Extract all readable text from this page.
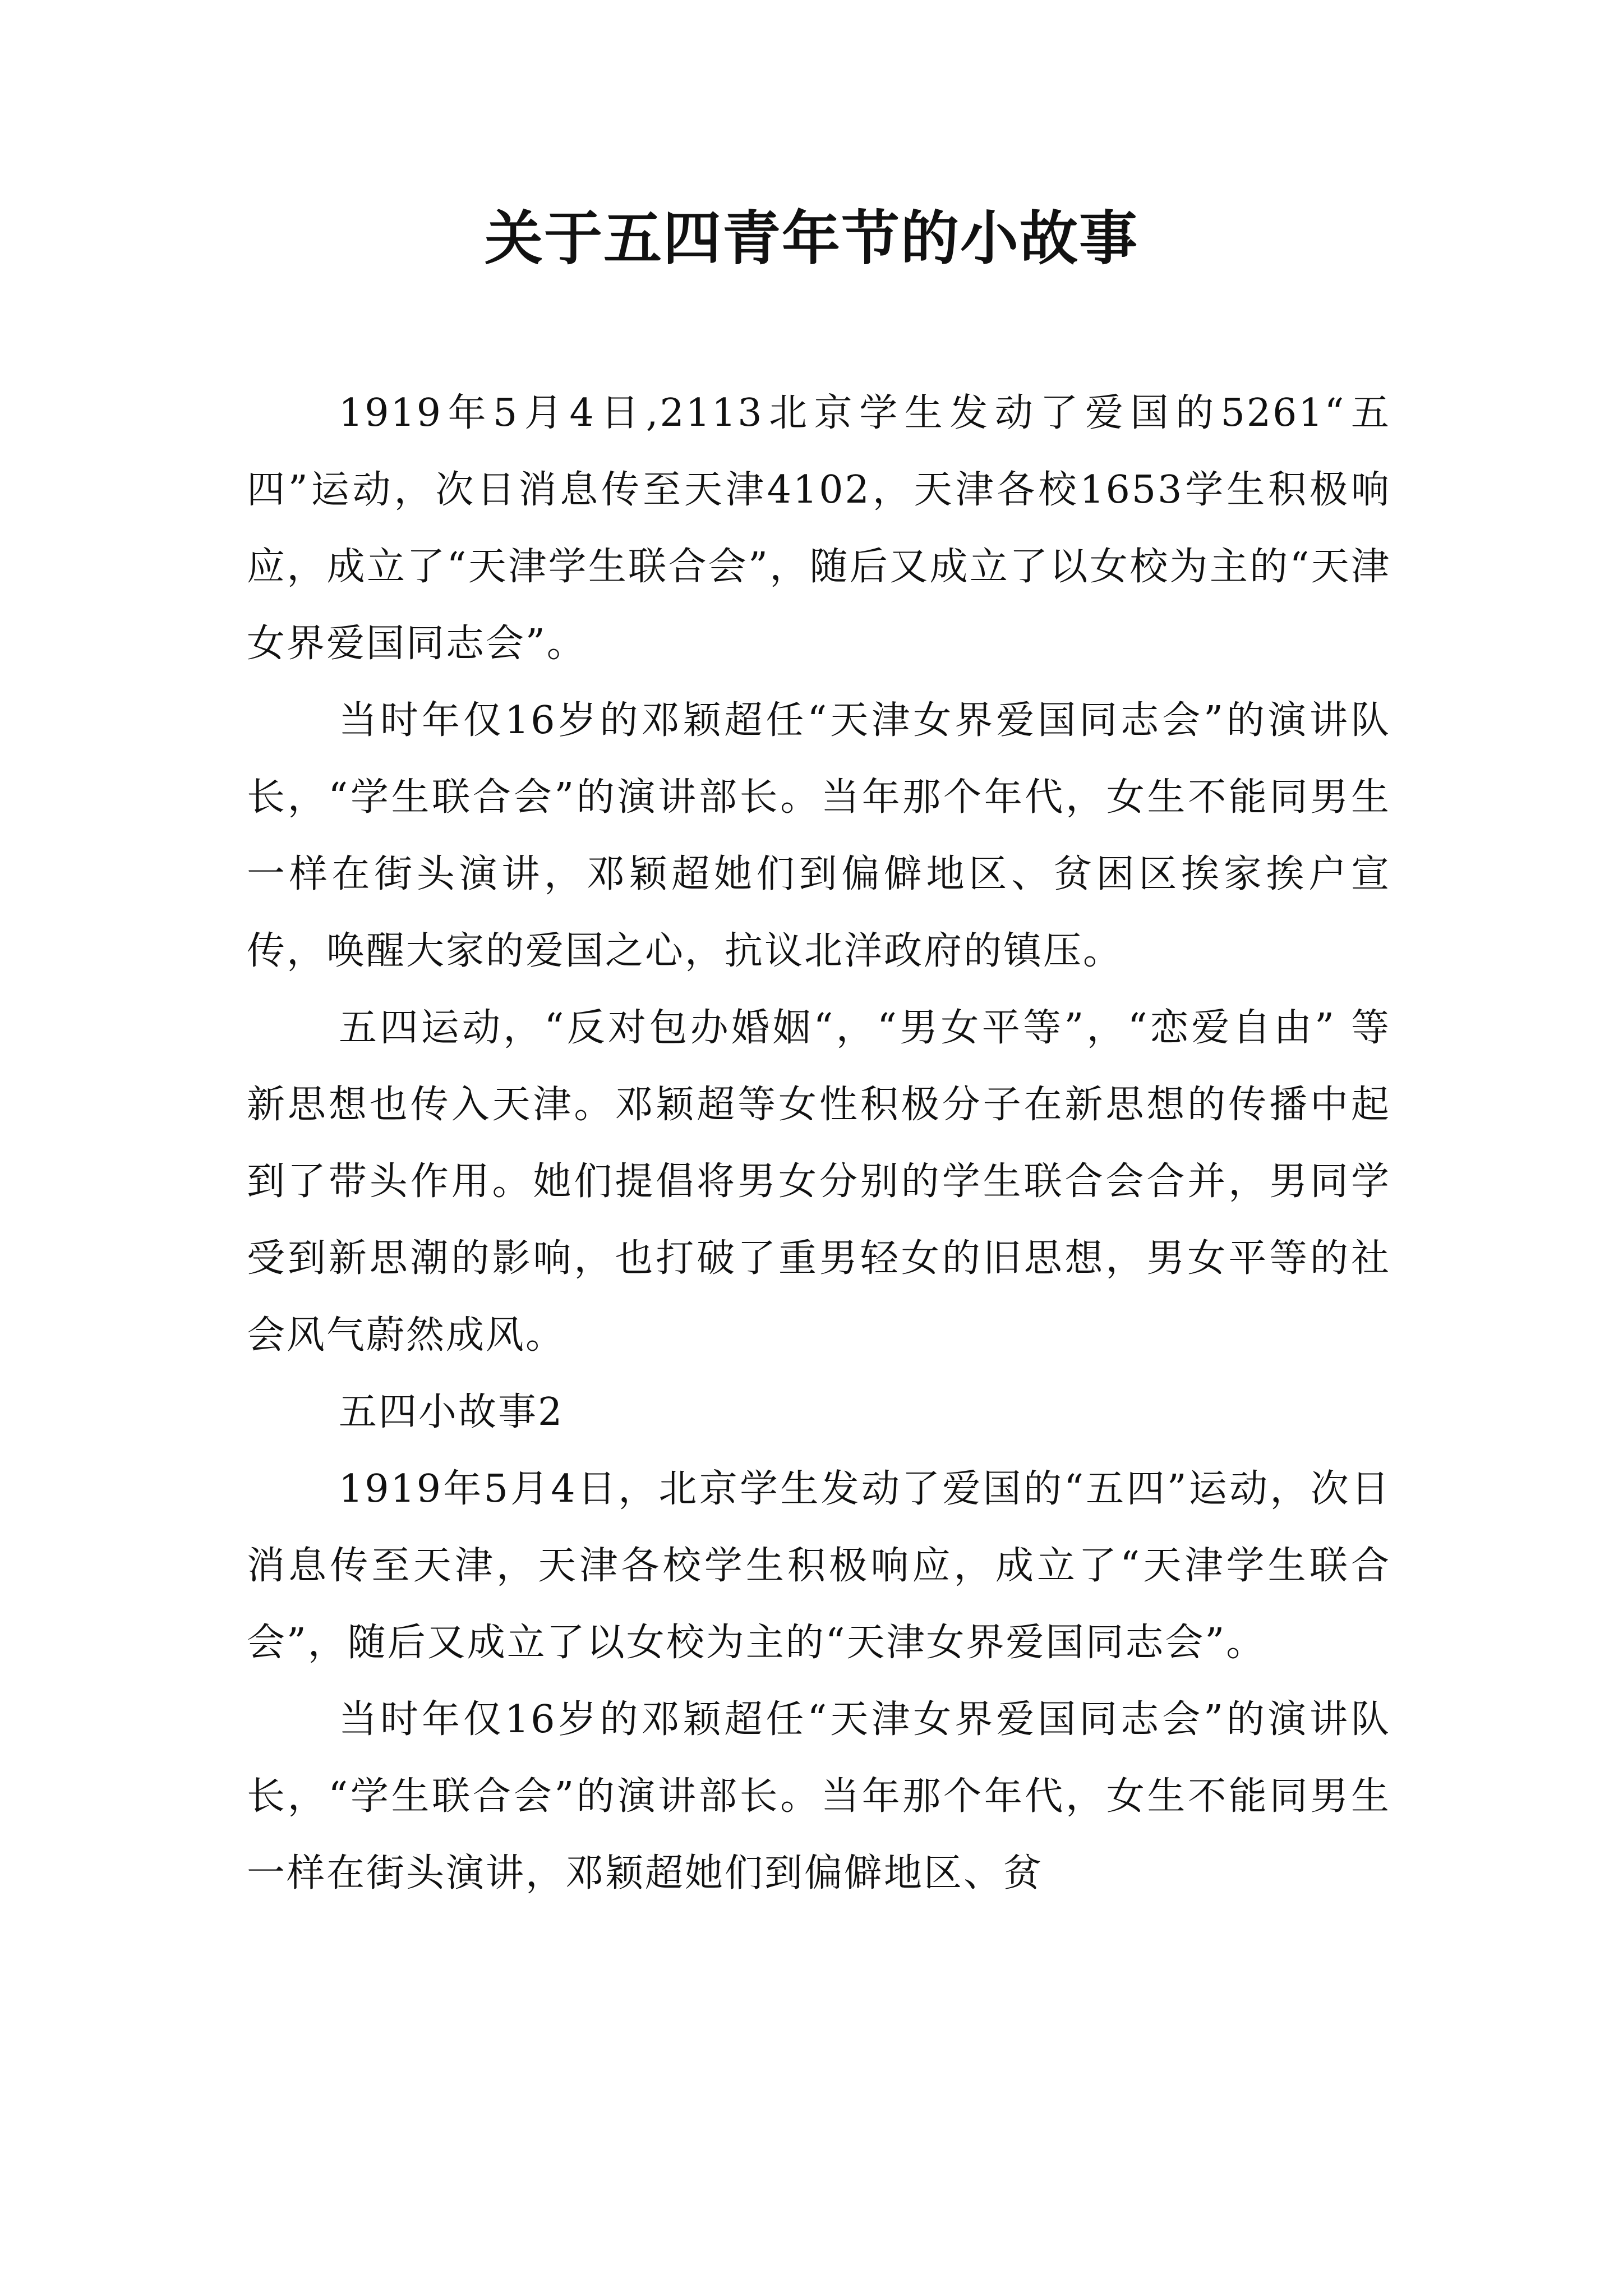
关于五四青年节的小故事

1919年5月4日,2113北京学生发动了爱国的5261“五四”运动，次日消息传至天津4102，天津各校1653学生积极响应，成立了“天津学生联合会”，随后又成立了以女校为主的“天津女界爱国同志会”。

当时年仅16岁的邓颖超任“天津女界爱国同志会”的演讲队长，“学生联合会”的演讲部长。当年那个年代，女生不能同男生一样在街头演讲，邓颖超她们到偏僻地区、贫困区挨家挨户宣传，唤醒大家的爱国之心，抗议北洋政府的镇压。

五四运动，“反对包办婚姻“，“男女平等”，“恋爱自由” 等新思想也传入天津。邓颖超等女性积极分子在新思想的传播中起到了带头作用。她们提倡将男女分别的学生联合会合并，男同学受到新思潮的影响，也打破了重男轻女的旧思想，男女平等的社会风气蔚然成风。

五四小故事2

1919年5月4日，北京学生发动了爱国的“五四”运动，次日消息传至天津，天津各校学生积极响应，成立了“天津学生联合会”，随后又成立了以女校为主的“天津女界爱国同志会”。

当时年仅16岁的邓颖超任“天津女界爱国同志会”的演讲队长，“学生联合会”的演讲部长。当年那个年代，女生不能同男生一样在街头演讲，邓颖超她们到偏僻地区、贫
